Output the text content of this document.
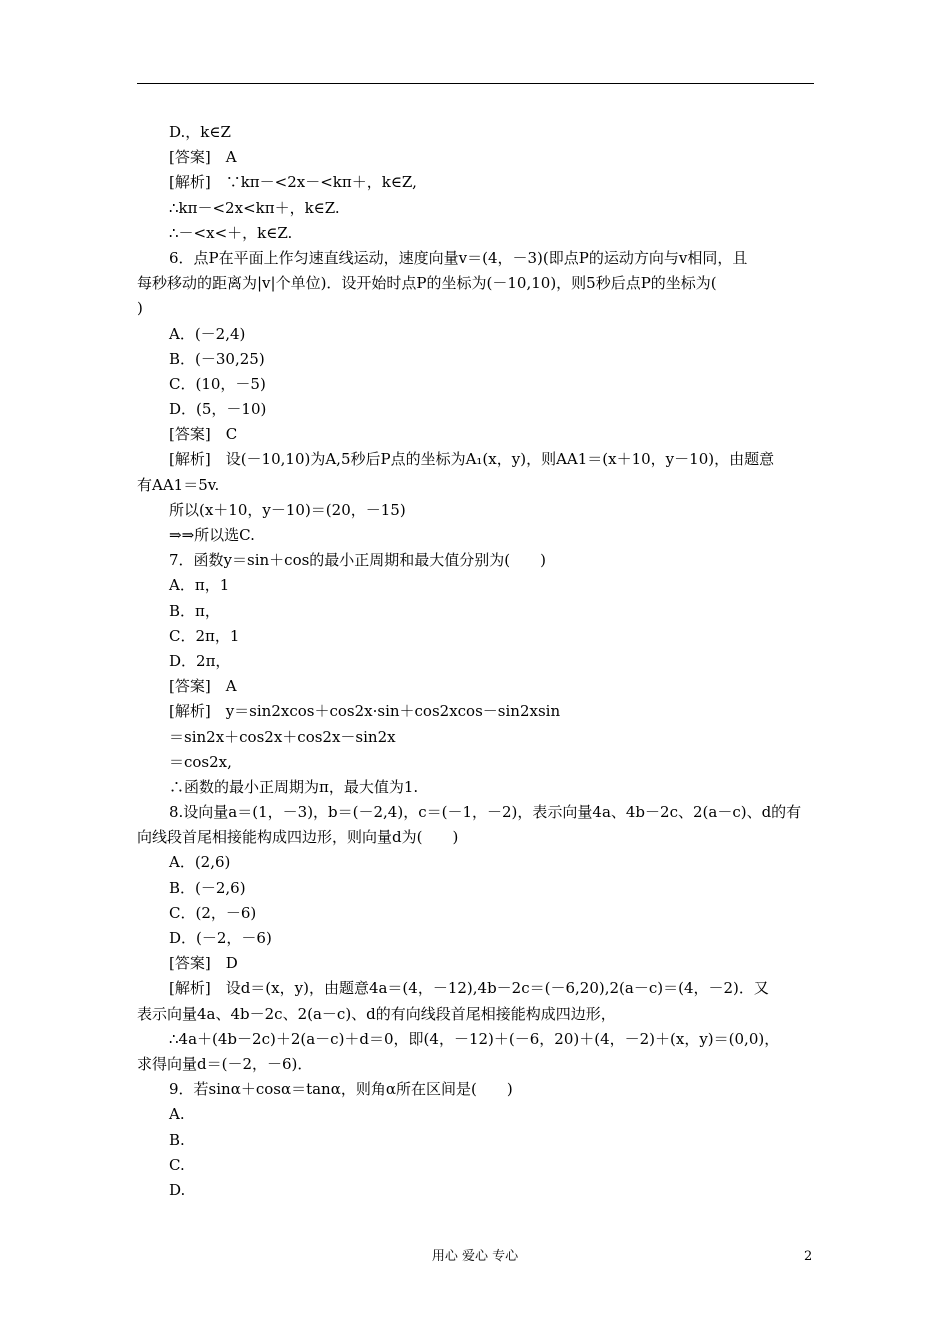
D.，k∈Z
[答案]　A
[解析]　∵kπ－<2x－<kπ＋，k∈Z,
∴kπ－<2x<kπ＋，k∈Z.
∴－<x<＋，k∈Z.
6．点P在平面上作匀速直线运动，速度向量v＝(4，－3)(即点P的运动方向与v相同，且
每秒移动的距离为|v|个单位)．设开始时点P的坐标为(－10,10)，则5秒后点P的坐标为(
)
A．(－2,4)
B．(－30,25)
C．(10，－5)
D．(5，－10)
[答案]　C
[解析]　设(－10,10)为A,5秒后P点的坐标为A₁(x，y)，则AA1＝(x＋10，y－10)，由题意
有AA1＝5v.
所以(x＋10，y－10)＝(20，－15)
⇒⇒所以选C.
7．函数y＝sin＋cos的最小正周期和最大值分别为(　　)
A．π，1
B．π，
C．2π，1
D．2π，
[答案]　A
[解析]　y＝sin2xcos＋cos2x·sin＋cos2xcos－sin2xsin
＝sin2x＋cos2x＋cos2x－sin2x
＝cos2x,
∴函数的最小正周期为π，最大值为1.
8.设向量a＝(1，－3)，b＝(－2,4)，c＝(－1，－2)，表示向量4a、4b－2c、2(a－c)、d的有
向线段首尾相接能构成四边形，则向量d为(　　)
A．(2,6)
B．(－2,6)
C．(2，－6)
D．(－2，－6)
[答案]　D
[解析]　设d＝(x，y)，由题意4a＝(4，－12),4b－2c＝(－6,20),2(a－c)＝(4，－2)．又
表示向量4a、4b－2c、2(a－c)、d的有向线段首尾相接能构成四边形，
∴4a＋(4b－2c)＋2(a－c)＋d＝0，即(4，－12)＋(－6，20)＋(4，－2)＋(x，y)＝(0,0)，
求得向量d＝(－2，－6)．
9．若sinα＋cosα＝tanα，则角α所在区间是(　　)
A.
B.
C.
D.
用心 爱心 专心	2
